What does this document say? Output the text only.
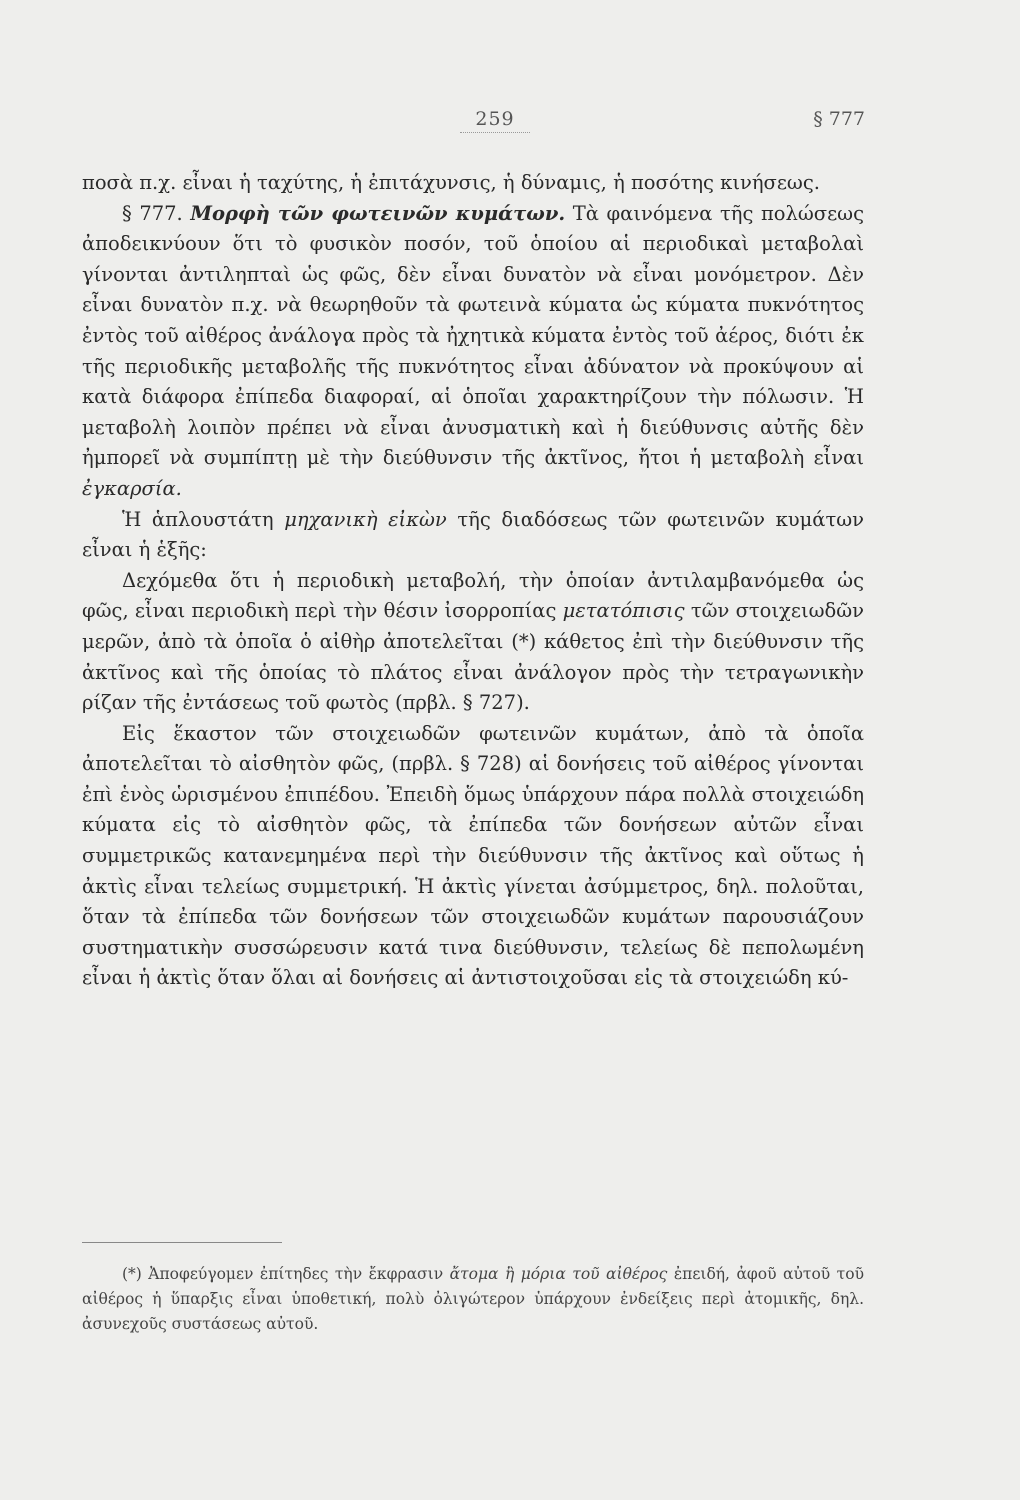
259	§ 777

ποσὰ π.χ. εἶναι ἡ ταχύτης, ἡ ἐπιτάχυνσις, ἡ δύναμις, ἡ ποσότης κινήσεως.

§ 777. Μορφὴ τῶν φωτεινῶν κυμάτων. Τὰ φαινόμενα τῆς πολώσεως ἀποδεικνύουν ὅτι τὸ φυσικὸν ποσόν, τοῦ ὁποίου αἱ περιοδικαὶ μεταβολαὶ γίνονται ἀντιληπταὶ ὡς φῶς, δὲν εἶναι δυνατὸν νὰ εἶναι μονόμετρον. Δὲν εἶναι δυνατὸν π.χ. νὰ θεωρηθοῦν τὰ φωτεινὰ κύματα ὡς κύματα πυκνότητος ἐντὸς τοῦ αἰθέρος ἀνάλογα πρὸς τὰ ἠχητικὰ κύματα ἐντὸς τοῦ ἀέρος, διότι ἐκ τῆς περιοδικῆς μεταβολῆς τῆς πυκνότητος εἶναι ἀδύνατον νὰ προκύψουν αἱ κατὰ διάφορα ἐπίπεδα διαφοραί, αἱ ὁποῖαι χαρακτηρίζουν τὴν πόλωσιν. Ἡ μεταβολὴ λοιπὸν πρέπει νὰ εἶναι ἀνυσματικὴ καὶ ἡ διεύθυνσις αὐτῆς δὲν ἠμπορεῖ νὰ συμπίπτῃ μὲ τὴν διεύθυνσιν τῆς ἀκτῖνος, ἤτοι ἡ μεταβολὴ εἶναι ἐγκαρσία.

Ἡ ἁπλουστάτη μηχανικὴ εἰκὼν τῆς διαδόσεως τῶν φωτεινῶν κυμάτων εἶναι ἡ ἑξῆς:

Δεχόμεθα ὅτι ἡ περιοδικὴ μεταβολή, τὴν ὁποίαν ἀντιλαμβανόμεθα ὡς φῶς, εἶναι περιοδικὴ περὶ τὴν θέσιν ἰσορροπίας μετατόπισις τῶν στοιχειωδῶν μερῶν, ἀπὸ τὰ ὁποῖα ὁ αἰθὴρ ἀποτελεῖται (*) κάθετος ἐπὶ τὴν διεύθυνσιν τῆς ἀκτῖνος καὶ τῆς ὁποίας τὸ πλάτος εἶναι ἀνάλογον πρὸς τὴν τετραγωνικὴν ρίζαν τῆς ἐντάσεως τοῦ φωτὸς (πρβλ. § 727).

Εἰς ἕκαστον τῶν στοιχειωδῶν φωτεινῶν κυμάτων, ἀπὸ τὰ ὁποῖα ἀποτελεῖται τὸ αἰσθητὸν φῶς, (πρβλ. § 728) αἱ δονήσεις τοῦ αἰθέρος γίνονται ἐπὶ ἑνὸς ὡρισμένου ἐπιπέδου. Ἐπειδὴ ὅμως ὑπάρχουν πάρα πολλὰ στοιχειώδη κύματα εἰς τὸ αἰσθητὸν φῶς, τὰ ἐπίπεδα τῶν δονήσεων αὐτῶν εἶναι συμμετρικῶς κατανεμημένα περὶ τὴν διεύθυνσιν τῆς ἀκτῖνος καὶ οὕτως ἡ ἀκτὶς εἶναι τελείως συμμετρική. Ἡ ἀκτὶς γίνεται ἀσύμμετρος, δηλ. πολοῦται, ὅταν τὰ ἐπίπεδα τῶν δονήσεων τῶν στοιχειωδῶν κυμάτων παρουσιάζουν συστηματικὴν συσσώρευσιν κατά τινα διεύθυνσιν, τελείως δὲ πεπολωμένη εἶναι ἡ ἀκτὶς ὅταν ὅλαι αἱ δονήσεις αἱ ἀντιστοιχοῦσαι εἰς τὰ στοιχειώδη κύ-

(*) Ἀποφεύγομεν ἐπίτηδες τὴν ἔκφρασιν ἄτομα ἢ μόρια τοῦ αἰθέρος ἐπειδή, ἀφοῦ αὐτοῦ τοῦ αἰθέρος ἡ ὕπαρξις εἶναι ὑποθετική, πολὺ ὀλιγώτερον ὑπάρχουν ἐνδείξεις περὶ ἀτομικῆς, δηλ. ἀσυνεχοῦς συστάσεως αὐτοῦ.
